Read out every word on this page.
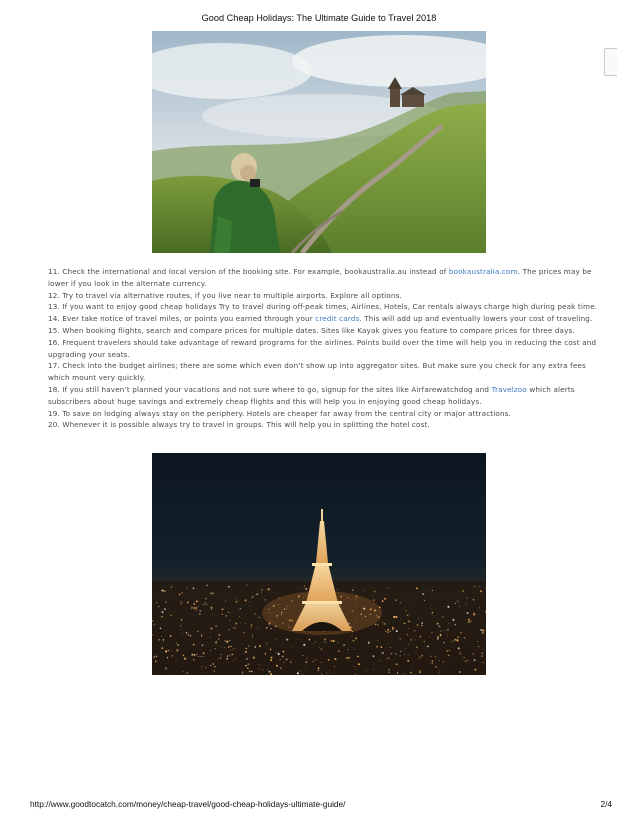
Good Cheap Holidays: The Ultimate Guide to Travel 2018

11. Check the international and local version of the booking site. For example, bookaustralia.au instead of bookaustralia.com. The prices may be lower if you look in the alternate currency.

12. Try to travel via alternative routes, if you live near to multiple airports. Explore all options.

13. If you want to enjoy good cheap holidays Try to travel during off-peak times, Airlines, Hotels, Car rentals always charge high during peak time.

14. Ever take notice of travel miles, or points you earned through your credit cards. This will add up and eventually lowers your cost of traveling.

15. When booking flights, search and compare prices for multiple dates. Sites like Kayak gives you feature to compare prices for three days.

16. Frequent travelers should take advantage of reward programs for the airlines. Points build over the time will help you in reducing the cost and upgrading your seats.

17. Check into the budget airlines; there are some which even don’t show up into aggregator sites. But make sure you check for any extra fees which mount very quickly.

18. If you still haven’t planned your vacations and not sure where to go, signup for the sites like Airfarewatchdog and Travelzoo which alerts subscribers about huge savings and extremely cheap flights and this will help you in enjoying good cheap holidays.

19. To save on lodging always stay on the periphery. Hotels are cheaper far away from the central city or major attractions.

20. Whenever it is possible always try to travel in groups. This will help you in splitting the hotel cost.

http://www.goodtocatch.com/money/cheap-travel/good-cheap-holidays-ultimate-guide/	2/4
